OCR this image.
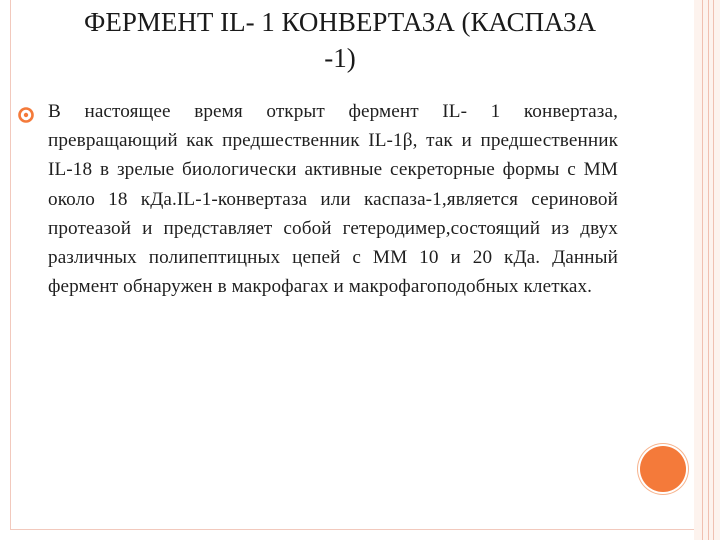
ФЕРМЕНТ IL- 1 КОНВЕРТАЗА (КАСПАЗА
-1)
В настоящее время открыт фермент IL- 1 конвертаза, превращающий как предшественник IL-1β, так и предшественник IL-18 в зрелые биологически активные секреторные формы с ММ около 18 кДа.IL-1-конвертаза или каспаза-1,является сериновой протеазой и представляет собой гетеродимер,состоящий из двух различных полипептицных цепей с ММ 10 и 20 кДа. Данный фермент обнаружен в макрофагах и макрофагоподобных клетках.
